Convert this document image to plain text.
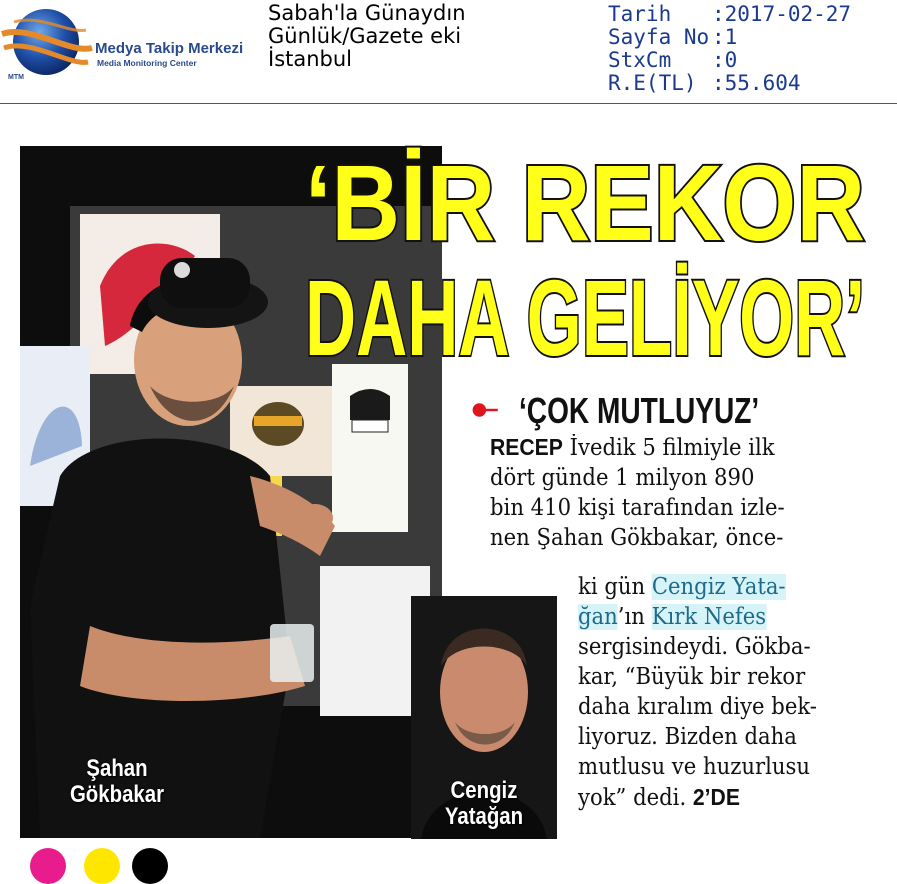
Medya Takip Merkezi
Media Monitoring Center
MTM
Sabah'la Günaydın
Günlük/Gazete eki
İstanbul
Tarih :2017-02-27
Sayfa No :1
StxCm :0
R.E(TL) :55.604
‘BİR REKOR
DAHA GELİYOR’
‘ÇOK MUTLUYUZ’
RECEP İvedik 5 filmiyle ilk
dört günde 1 milyon 890
bin 410 kişi tarafından izle-
nen Şahan Gökbakar, önce-
ki gün Cengiz Yata-
ğan’ın Kırk Nefes
sergisindeydi. Gökba-
kar, “Büyük bir rekor
daha kıralım diye bek-
liyoruz. Bizden daha
mutlusu ve huzurlusu
yok” dedi. 2’DE
Şahan
Gökbakar	Cengiz
Yatağan
